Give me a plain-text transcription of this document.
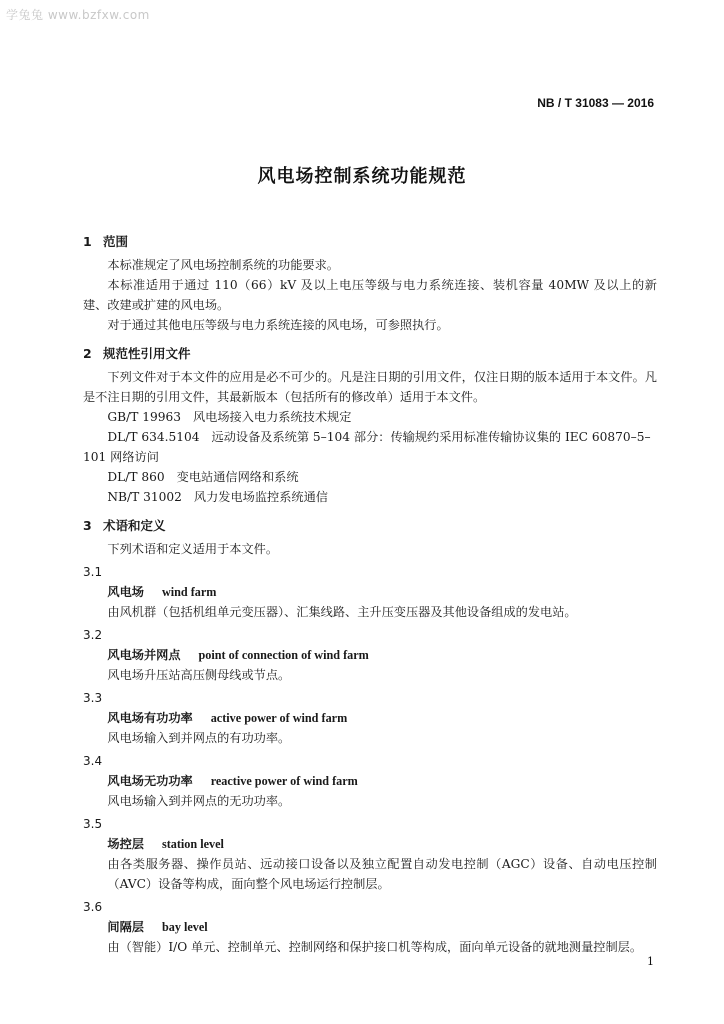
学兔兔 www.bzfxw.com
NB / T 31083 — 2016
风电场控制系统功能规范
1 范围
本标准规定了风电场控制系统的功能要求。
本标准适用于通过 110（66）kV 及以上电压等级与电力系统连接、装机容量 40MW 及以上的新建、改建或扩建的风电场。
对于通过其他电压等级与电力系统连接的风电场，可参照执行。
2 规范性引用文件
下列文件对于本文件的应用是必不可少的。凡是注日期的引用文件，仅注日期的版本适用于本文件。凡是不注日期的引用文件，其最新版本（包括所有的修改单）适用于本文件。
GB/T 19963 风电场接入电力系统技术规定
DL/T 634.5104 远动设备及系统第 5–104 部分：传输规约采用标准传输协议集的 IEC 60870–5–101 网络访问
DL/T 860 变电站通信网络和系统
NB/T 31002 风力发电场监控系统通信
3 术语和定义
下列术语和定义适用于本文件。
3.1
风电场 wind farm
由风机群（包括机组单元变压器）、汇集线路、主升压变压器及其他设备组成的发电站。
3.2
风电场并网点 point of connection of wind farm
风电场升压站高压侧母线或节点。
3.3
风电场有功功率 active power of wind farm
风电场输入到并网点的有功功率。
3.4
风电场无功功率 reactive power of wind farm
风电场输入到并网点的无功功率。
3.5
场控层 station level
由各类服务器、操作员站、远动接口设备以及独立配置自动发电控制（AGC）设备、自动电压控制（AVC）设备等构成，面向整个风电场运行控制层。
3.6
间隔层 bay level
由（智能）I/O 单元、控制单元、控制网络和保护接口机等构成，面向单元设备的就地测量控制层。
1
